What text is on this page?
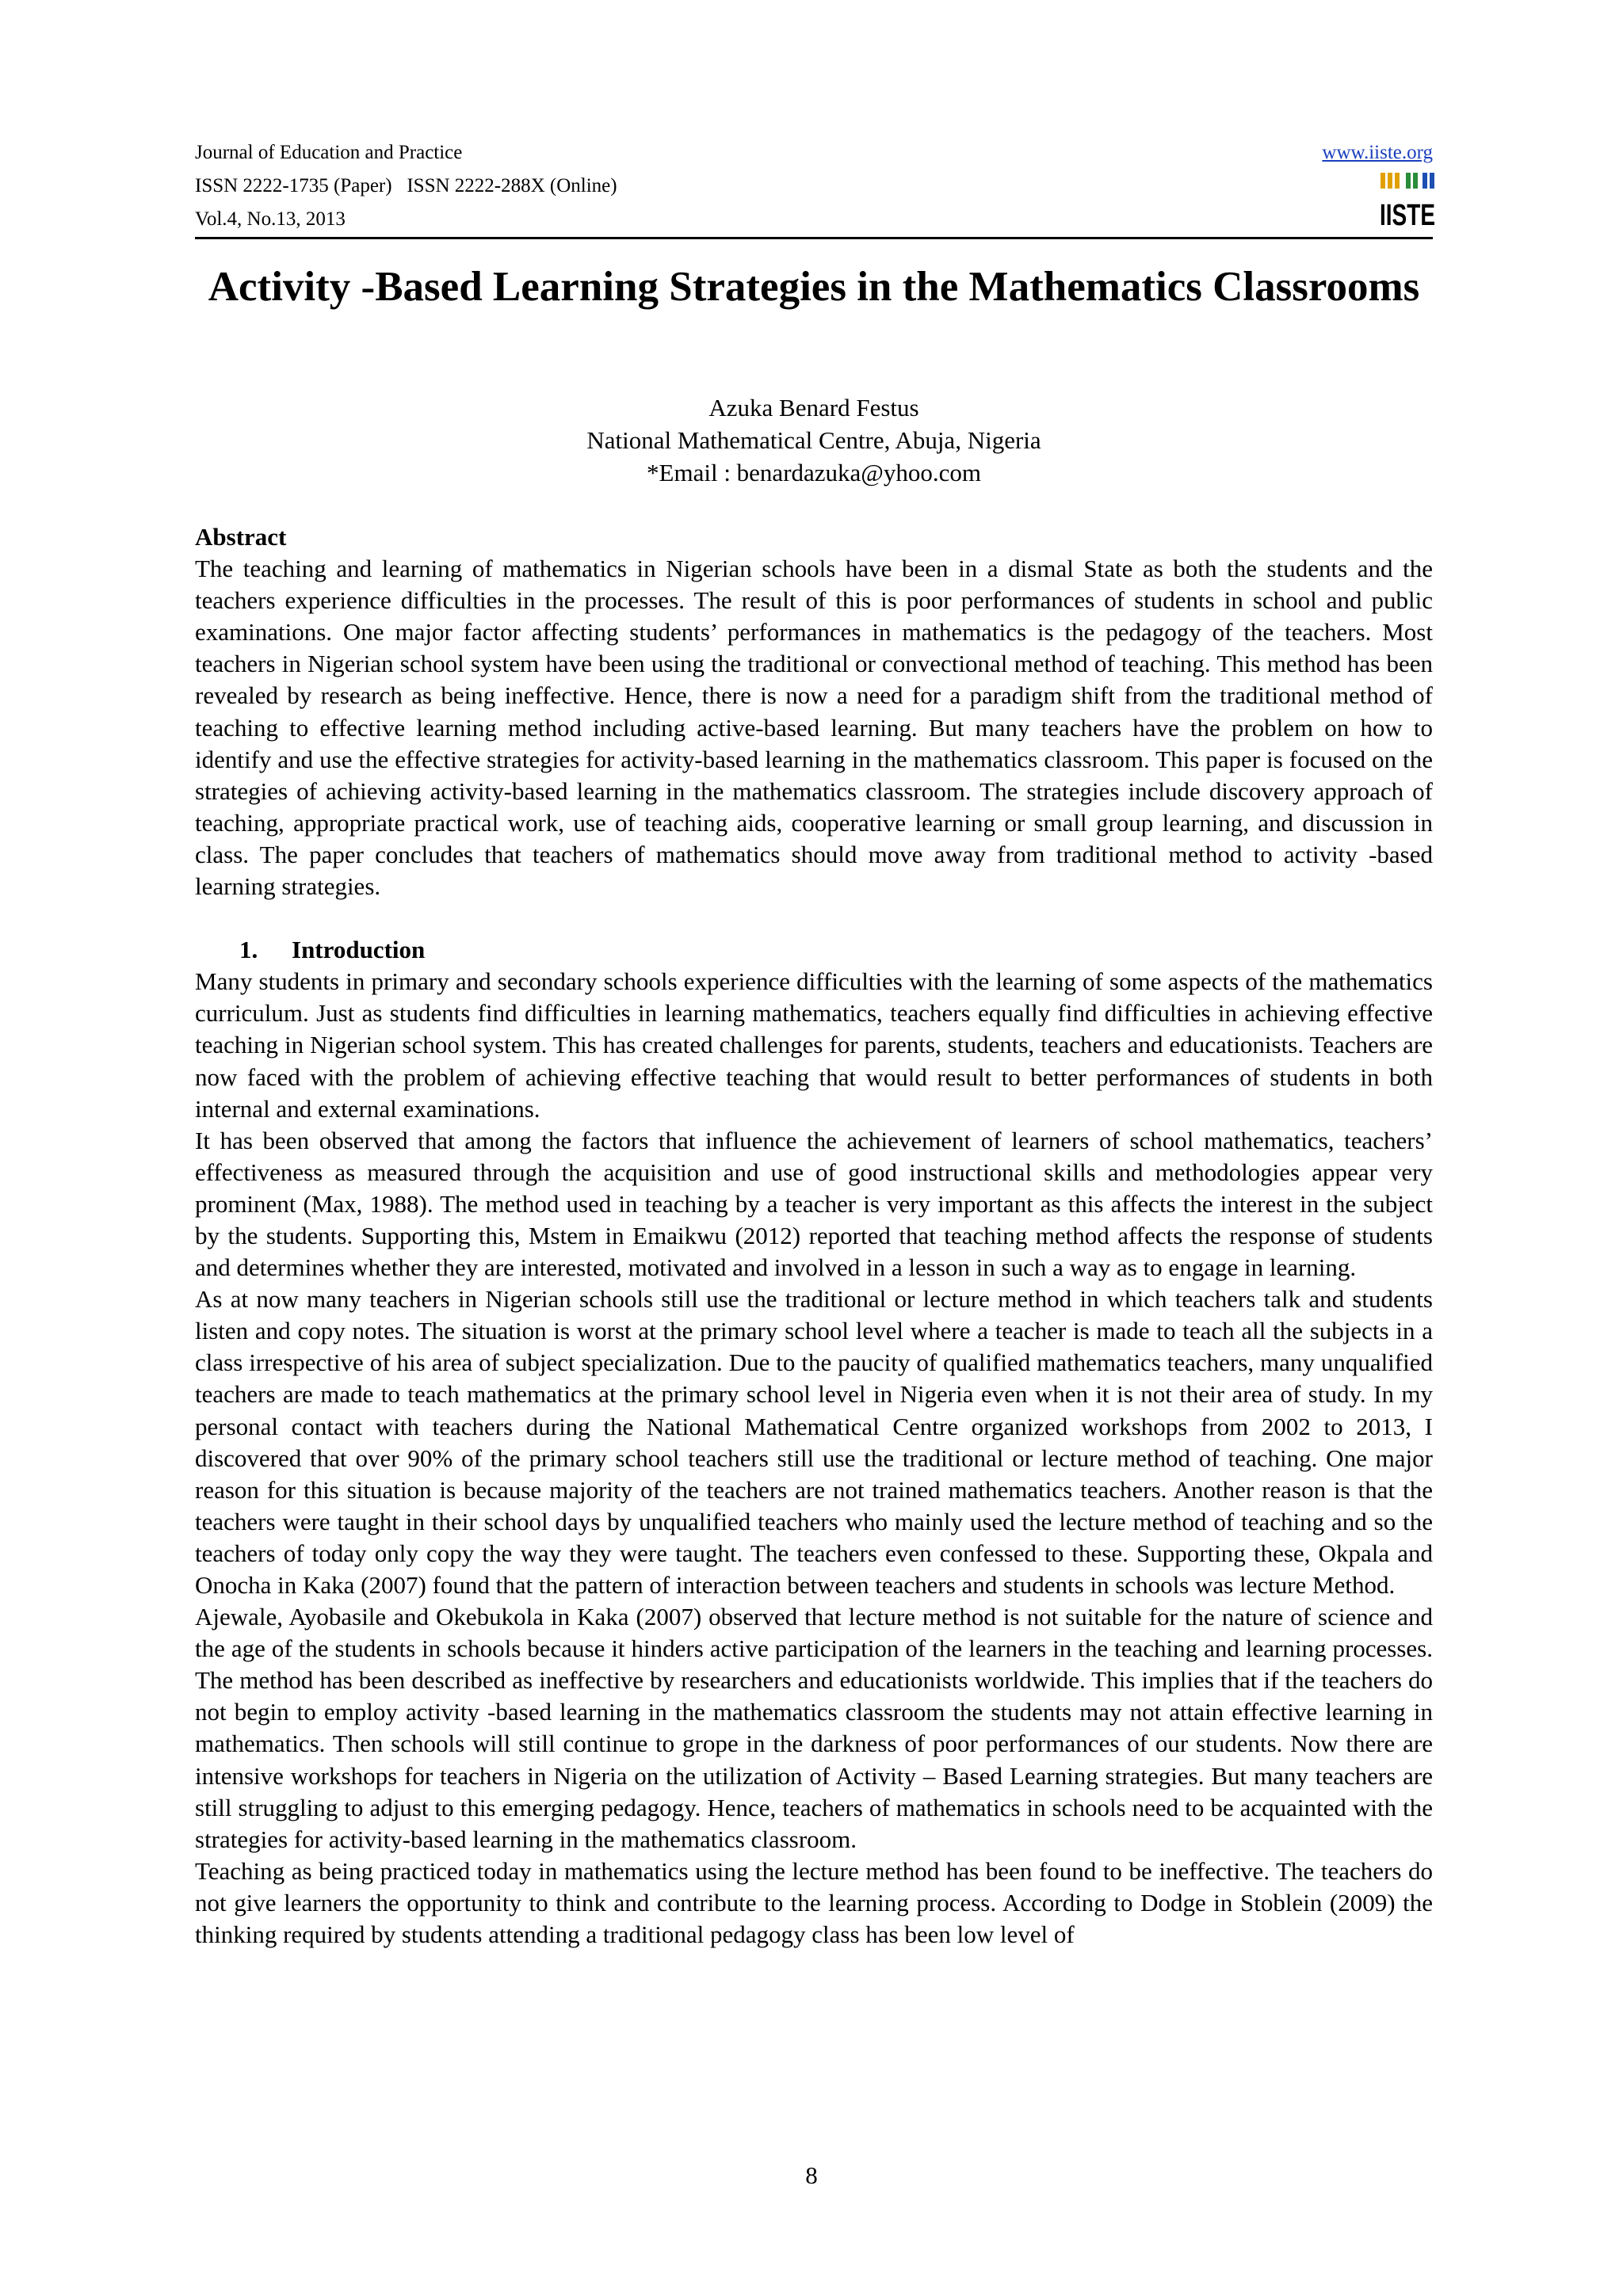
Journal of Education and Practice
ISSN 2222-1735 (Paper)   ISSN 2222-288X (Online)
Vol.4, No.13, 2013
www.iiste.org
IISTE
Activity -Based Learning Strategies in the Mathematics Classrooms
Azuka Benard Festus
National Mathematical Centre, Abuja, Nigeria
*Email : benardazuka@yhoo.com

Abstract

The teaching and learning of mathematics in Nigerian schools have been in a dismal State as both the students and the teachers experience difficulties in the processes. The result of this is poor performances of students in school and public examinations. One major factor affecting students’ performances in mathematics is the pedagogy of the teachers. Most teachers in Nigerian school system have been using the traditional or convectional method of teaching. This method has been revealed by research as being ineffective. Hence, there is now a need for a paradigm shift from the traditional method of teaching to effective learning method including active-based learning. But many teachers have the problem on how to identify and use the effective strategies for activity-based learning in the mathematics classroom. This paper is focused on the strategies of achieving activity-based learning in the mathematics classroom. The strategies include discovery approach of teaching, appropriate practical work, use of teaching aids, cooperative learning or small group learning, and discussion in class. The paper concludes that teachers of mathematics should move away from traditional method to activity -based learning strategies.

1. Introduction

Many students in primary and secondary schools experience difficulties with the learning of some aspects of the mathematics curriculum. Just as students find difficulties in learning mathematics, teachers equally find difficulties in achieving effective teaching in Nigerian school system. This has created challenges for parents, students, teachers and educationists. Teachers are now faced with the problem of achieving effective teaching that would result to better performances of students in both internal and external examinations.

It has been observed that among the factors that influence the achievement of learners of school mathematics, teachers’ effectiveness as measured through the acquisition and use of good instructional skills and methodologies appear very prominent (Max, 1988). The method used in teaching by a teacher is very important as this affects the interest in the subject by the students. Supporting this, Mstem in Emaikwu (2012) reported that teaching method affects the response of students and determines whether they are interested, motivated and involved in a lesson in such a way as to engage in learning.

As at now many teachers in Nigerian schools still use the traditional or lecture method in which teachers talk and students listen and copy notes. The situation is worst at the primary school level where a teacher is made to teach all the subjects in a class irrespective of his area of subject specialization. Due to the paucity of qualified mathematics teachers, many unqualified teachers are made to teach mathematics at the primary school level in Nigeria even when it is not their area of study. In my personal contact with teachers during the National Mathematical Centre organized workshops from 2002 to 2013, I discovered that over 90% of the primary school teachers still use the traditional or lecture method of teaching. One major reason for this situation is because majority of the teachers are not trained mathematics teachers. Another reason is that the teachers were taught in their school days by unqualified teachers who mainly used the lecture method of teaching and so the teachers of today only copy the way they were taught. The teachers even confessed to these. Supporting these, Okpala and Onocha in Kaka (2007) found that the pattern of interaction between teachers and students in schools was lecture Method.

Ajewale, Ayobasile and Okebukola in Kaka (2007) observed that lecture method is not suitable for the nature of science and the age of the students in schools because it hinders active participation of the learners in the teaching and learning processes. The method has been described as ineffective by researchers and educationists worldwide. This implies that if the teachers do not begin to employ activity -based learning in the mathematics classroom the students may not attain effective learning in mathematics. Then schools will still continue to grope in the darkness of poor performances of our students. Now there are intensive workshops for teachers in Nigeria on the utilization of Activity – Based Learning strategies. But many teachers are still struggling to adjust to this emerging pedagogy. Hence, teachers of mathematics in schools need to be acquainted with the strategies for activity-based learning in the mathematics classroom.

Teaching as being practiced today in mathematics using the lecture method has been found to be ineffective. The teachers do not give learners the opportunity to think and contribute to the learning process. According to Dodge in Stoblein (2009) the thinking required by students attending a traditional pedagogy class has been low level of

8
